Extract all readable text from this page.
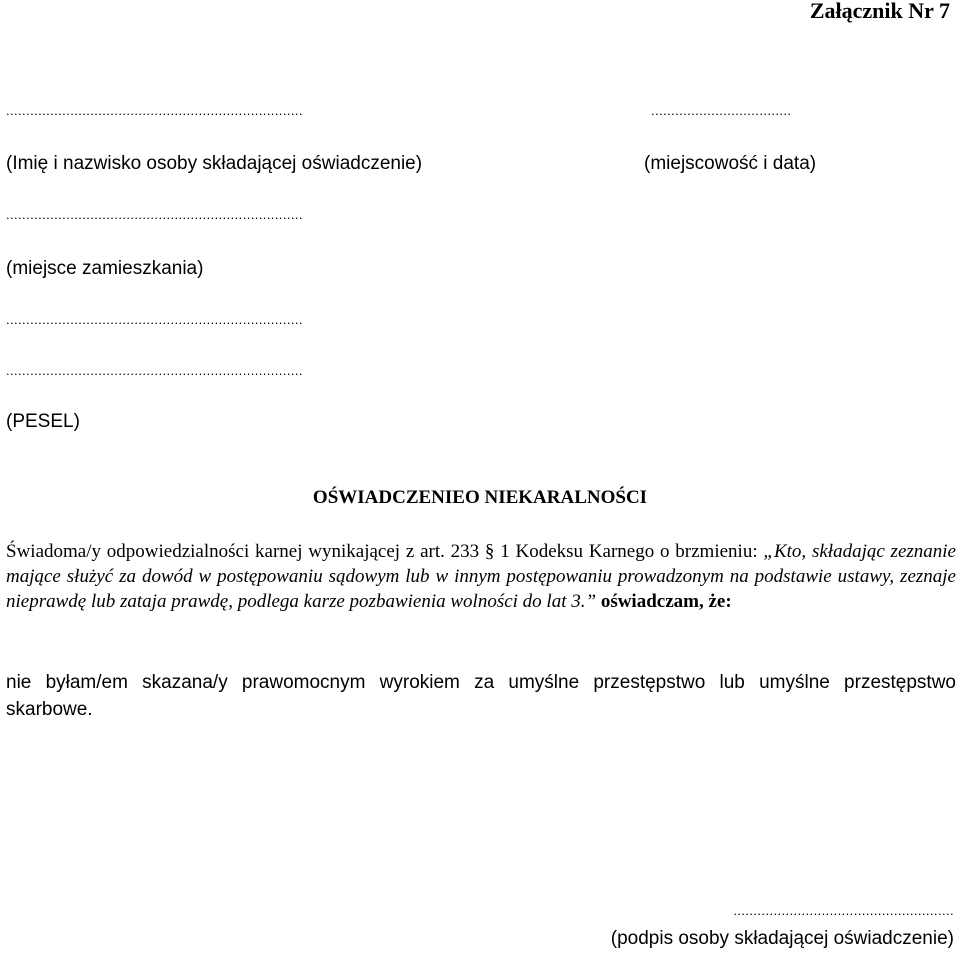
Załącznik Nr 7
..........................................................................	...................................
(Imię i nazwisko osoby składającej oświadczenie)	(miejscowość i data)
..........................................................................
(miejsce zamieszkania)
..........................................................................
..........................................................................
(PESEL)
OŚWIADCZENIEO NIEKARALNOŚCI
Świadoma/y odpowiedzialności karnej wynikającej z art. 233 § 1 Kodeksu Karnego o brzmieniu: „Kto, składając zeznanie mające służyć za dowód w postępowaniu sądowym lub w innym postępowaniu prowadzonym na podstawie ustawy, zeznaje nieprawdę lub zataja prawdę, podlega karze pozbawienia wolności do lat 3.” oświadczam, że:
nie byłam/em skazana/y prawomocnym wyrokiem za umyślne przestępstwo lub umyślne przestępstwo skarbowe.
.......................................................
(podpis osoby składającej oświadczenie)
